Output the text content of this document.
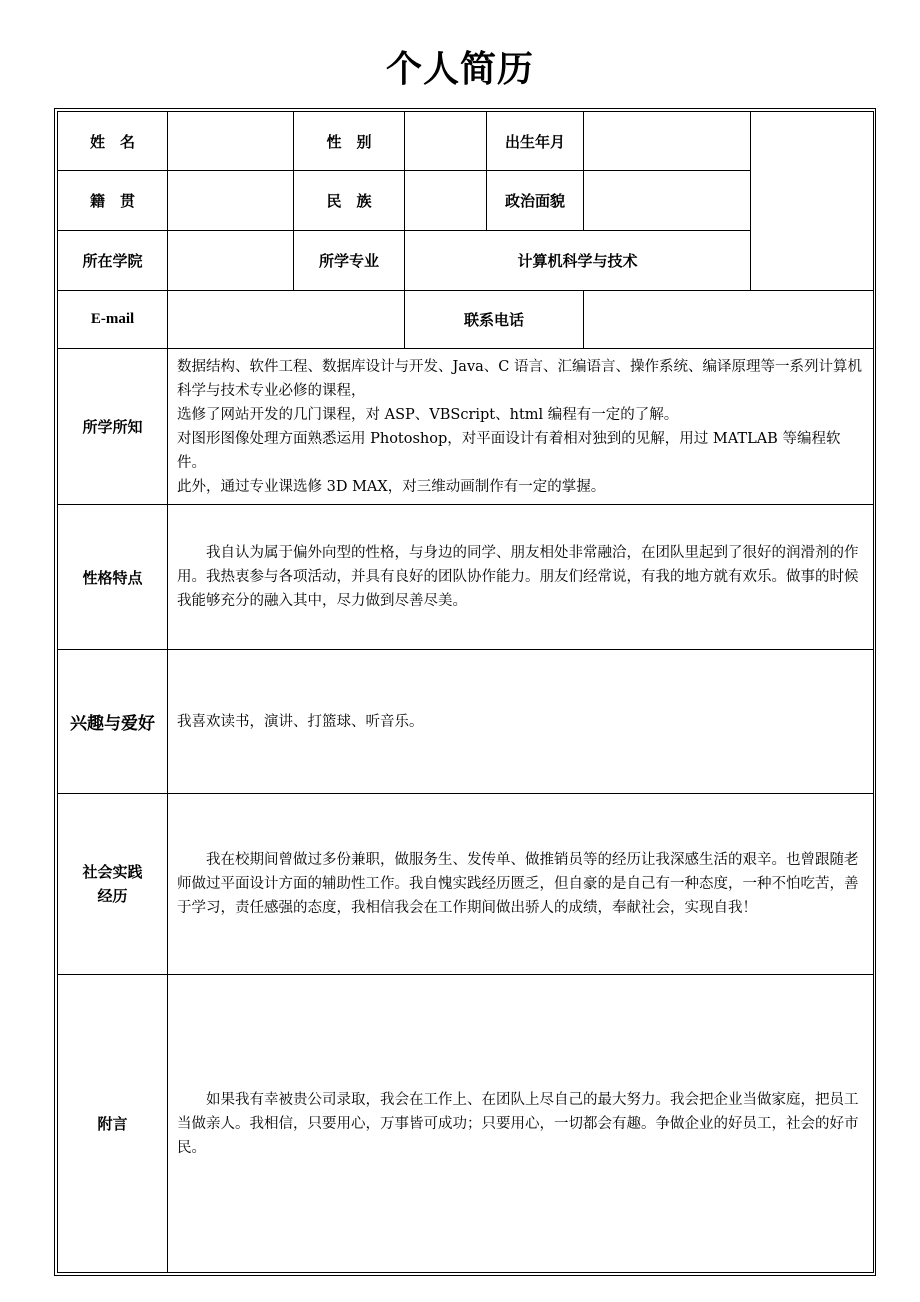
个人简历
姓　名		性　别		出生年月		
籍　贯		民　族		政治面貌		
所在学院		所学专业	计算机科学与技术			
E-mail			联系电话			
所学所知	数据结构、软件工程、数据库设计与开发、Java、C 语言、汇编语言、操作系统、编译原理等一系列计算机科学与技术专业必修的课程，

选修了网站开发的几门课程，对 ASP、VBScript、html 编程有一定的了解。

对图形图像处理方面熟悉运用 Photoshop，对平面设计有着相对独到的见解，用过 MATLAB 等编程软件。

此外，通过专业课选修 3D MAX，对三维动画制作有一定的掌握。					

性格特点	我自认为属于偏外向型的性格，与身边的同学、朋友相处非常融洽，在团队里起到了很好的润滑剂的作用。我热衷参与各项活动，并具有良好的团队协作能力。朋友们经常说，有我的地方就有欢乐。做事的时候我能够充分的融入其中，尽力做到尽善尽美。					

兴趣与爱好	我喜欢读书，演讲、打篮球、听音乐。					

社会实践
经历	我在校期间曾做过多份兼职，做服务生、发传单、做推销员等的经历让我深感生活的艰辛。也曾跟随老师做过平面设计方面的辅助性工作。我自愧实践经历匮乏，但自豪的是自己有一种态度，一种不怕吃苦，善于学习，责任感强的态度，我相信我会在工作期间做出骄人的成绩，奉献社会，实现自我！					

附言	如果我有幸被贵公司录取，我会在工作上、在团队上尽自己的最大努力。我会把企业当做家庭，把员工当做亲人。我相信，只要用心，万事皆可成功；只要用心，一切都会有趣。争做企业的好员工，社会的好市民。					
